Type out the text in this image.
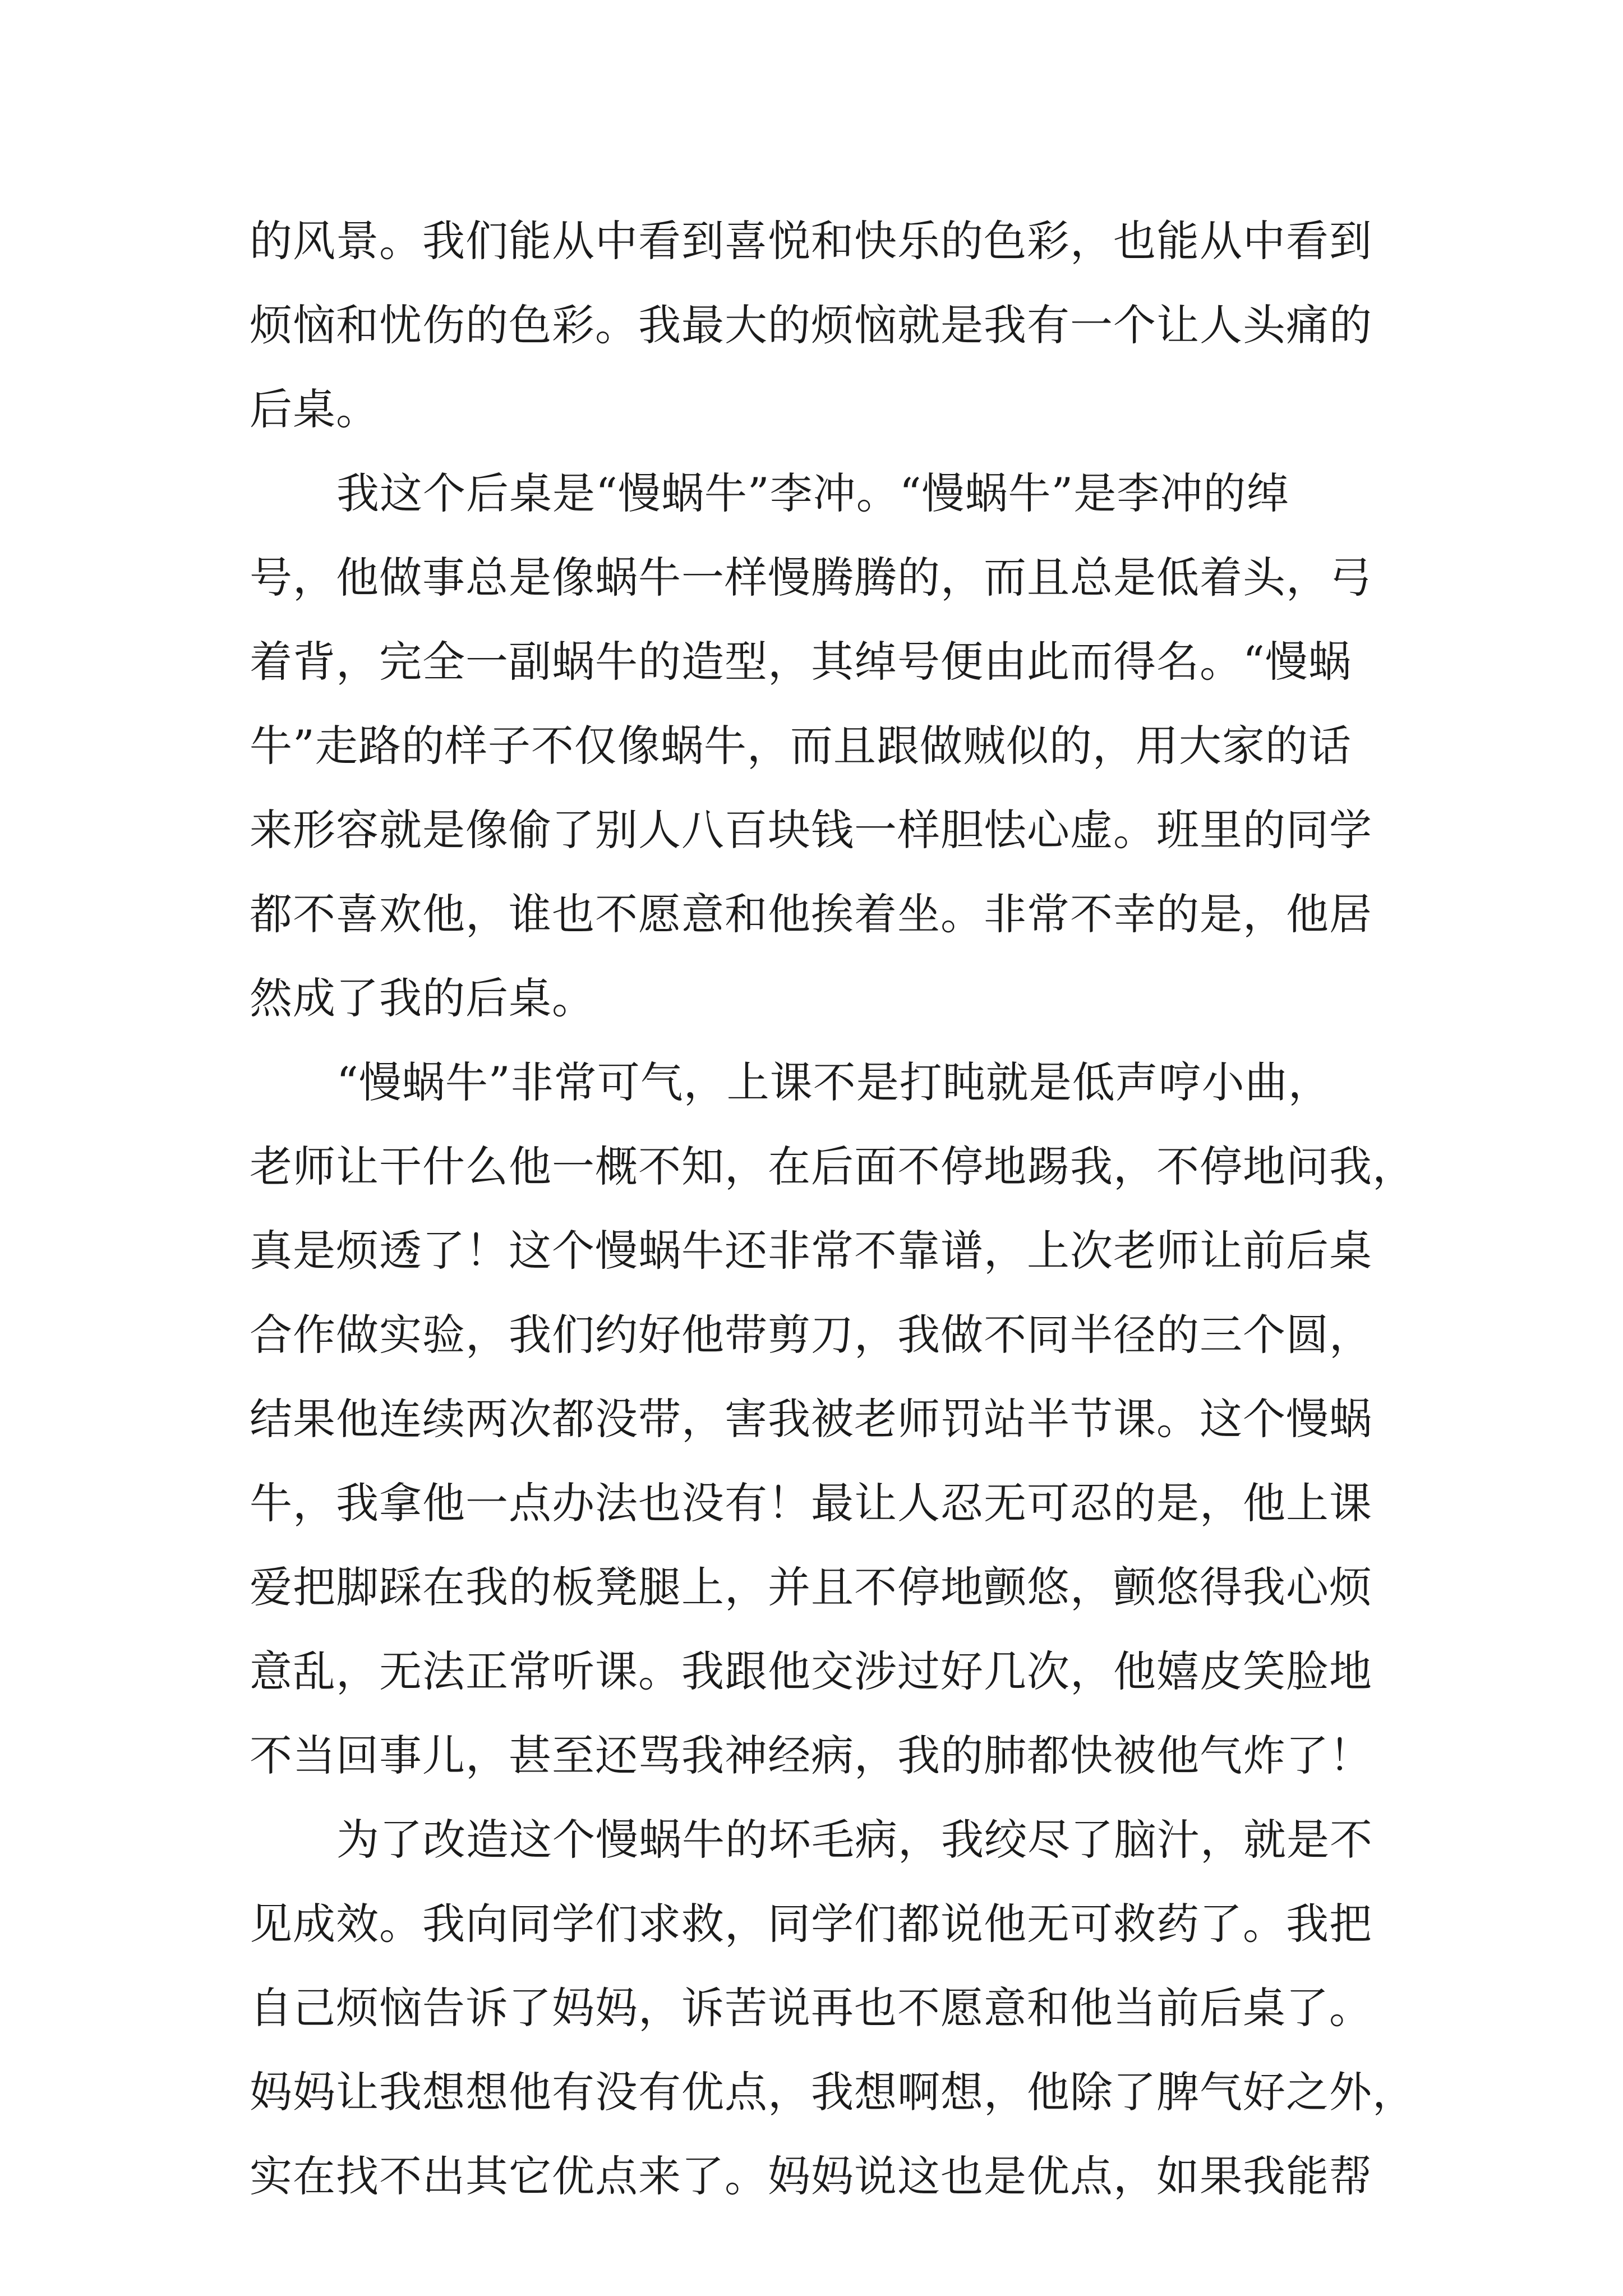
的风景。我们能从中看到喜悦和快乐的色彩，也能从中看到

烦恼和忧伤的色彩。我最大的烦恼就是我有一个让人头痛的

后桌。

我这个后桌是“慢蜗牛”李冲。“慢蜗牛”是李冲的绰

号，他做事总是像蜗牛一样慢腾腾的，而且总是低着头，弓

着背，完全一副蜗牛的造型，其绰号便由此而得名。“慢蜗

牛”走路的样子不仅像蜗牛，而且跟做贼似的，用大家的话

来形容就是像偷了别人八百块钱一样胆怯心虚。班里的同学

都不喜欢他，谁也不愿意和他挨着坐。非常不幸的是，他居

然成了我的后桌。

“慢蜗牛”非常可气，上课不是打盹就是低声哼小曲，

老师让干什么他一概不知，在后面不停地踢我，不停地问我，

真是烦透了！这个慢蜗牛还非常不靠谱，上次老师让前后桌

合作做实验，我们约好他带剪刀，我做不同半径的三个圆，

结果他连续两次都没带，害我被老师罚站半节课。这个慢蜗

牛，我拿他一点办法也没有！最让人忍无可忍的是，他上课

爱把脚踩在我的板凳腿上，并且不停地颤悠，颤悠得我心烦

意乱，无法正常听课。我跟他交涉过好几次，他嬉皮笑脸地

不当回事儿，甚至还骂我神经病，我的肺都快被他气炸了！

为了改造这个慢蜗牛的坏毛病，我绞尽了脑汁，就是不

见成效。我向同学们求救，同学们都说他无可救药了。我把

自己烦恼告诉了妈妈，诉苦说再也不愿意和他当前后桌了。

妈妈让我想想他有没有优点，我想啊想，他除了脾气好之外，

实在找不出其它优点来了。妈妈说这也是优点，如果我能帮
